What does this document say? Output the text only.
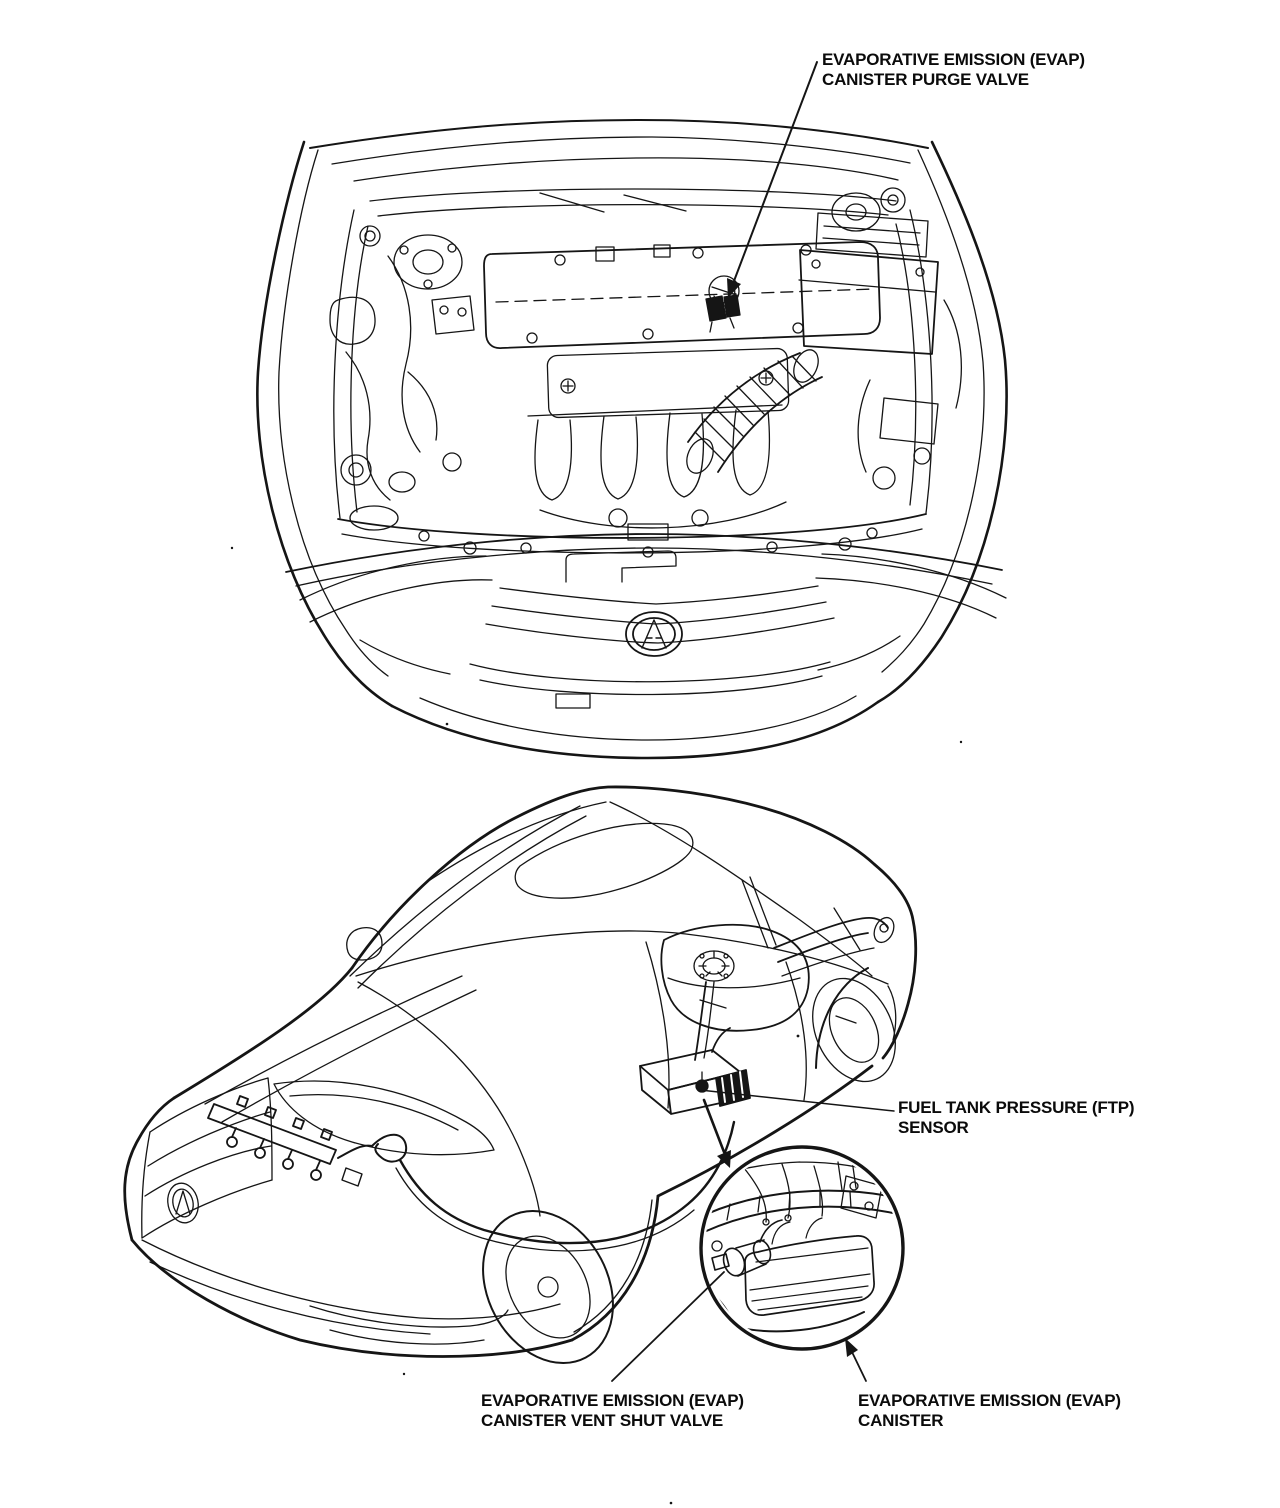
EVAPORATIVE EMISSION (EVAP)
CANISTER PURGE VALVE
FUEL TANK PRESSURE (FTP)
SENSOR
EVAPORATIVE EMISSION (EVAP)
CANISTER VENT SHUT VALVE
EVAPORATIVE EMISSION (EVAP)
CANISTER
